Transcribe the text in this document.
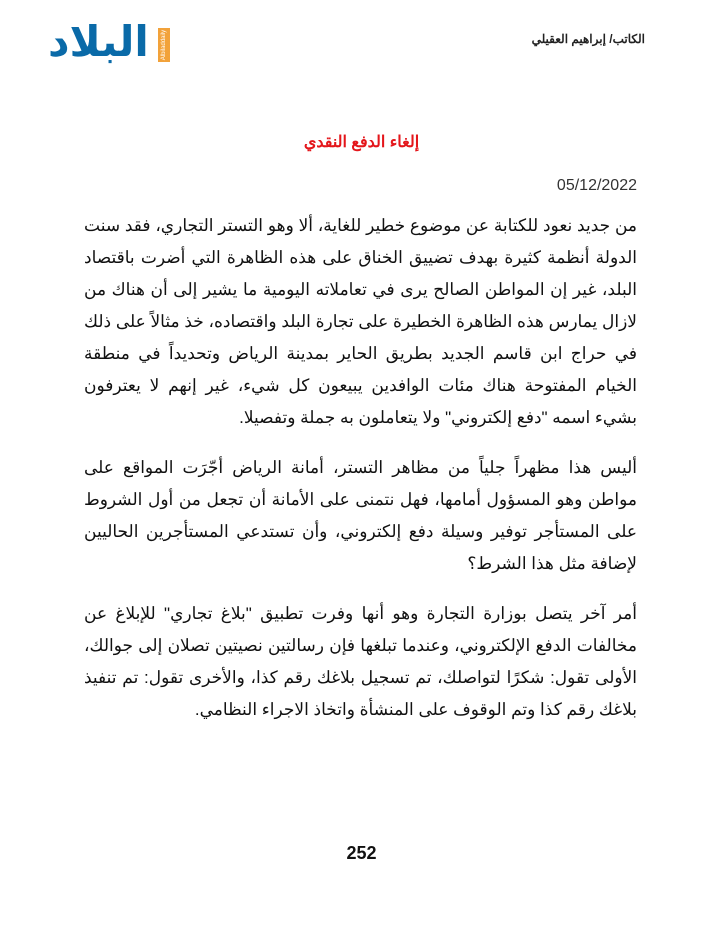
البلاد	Albiladdaily	الكاتب/ إبراهيم العقيلي
إلغاء الدفع النقدي
05/12/2022

من جديد نعود للكتابة عن موضوع خطير للغاية، ألا وهو التستر التجاري، فقد سنت الدولة أنظمة كثيرة بهدف تضييق الخناق على هذه الظاهرة التي أضرت باقتصاد البلد، غير إن المواطن الصالح يرى في تعاملاته اليومية ما يشير إلى أن هناك من لازال يمارس هذه الظاهرة الخطيرة على تجارة البلد واقتصاده، خذ مثالاً على ذلك في حراج ابن قاسم الجديد بطريق الحاير بمدينة الرياض وتحديداً في منطقة الخيام المفتوحة هناك مئات الوافدين يبيعون كل شيء، غير إنهم لا يعترفون بشيء اسمه "دفع إلكتروني" ولا يتعاملون به جملة وتفصيلا.

أليس هذا مظهراً جلياً من مظاهر التستر، أمانة الرياض أجّرَت المواقع على مواطن وهو المسؤول أمامها، فهل نتمنى على الأمانة أن تجعل من أول الشروط على المستأجر توفير وسيلة دفع إلكتروني، وأن تستدعي المستأجرين الحاليين لإضافة مثل هذا الشرط؟

أمر آخر يتصل بوزارة التجارة وهو أنها وفرت تطبيق "بلاغ تجاري" للإبلاغ عن مخالفات الدفع الإلكتروني، وعندما تبلغها فإن رسالتين نصيتين تصلان إلى جوالك، الأولى تقول: شكرًا لتواصلك، تم تسجيل بلاغك رقم كذا، والأخرى تقول: تم تنفيذ بلاغك رقم كذا وتم الوقوف على المنشأة واتخاذ الاجراء النظامي.

252
